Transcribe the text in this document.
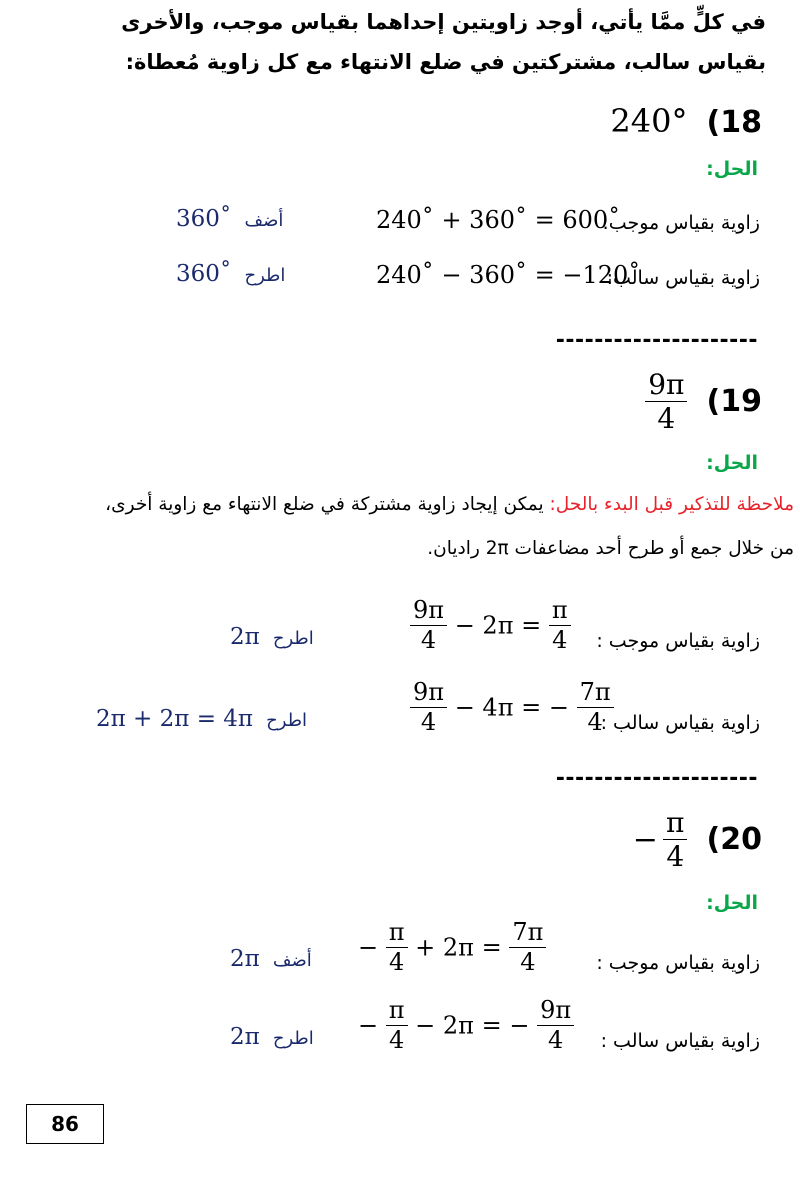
في كلٍّ ممَّا يأتي، أوجد زاويتين إحداهما بقياس موجب، والأخرى
بقياس سالب، مشتركتين في ضلع الانتهاء مع كل زاوية مُعطاة:
240° (18
الحل:
زاوية بقياس موجب:
240˚ + 360˚ = 600˚
360˚ أضف
زاوية بقياس سالب:
240˚ − 360˚ = −120˚
360˚ اطرح
---------------------
$\frac{9\pi}{4} (19$
الحل:
ملاحظة للتذكير قبل البدء بالحل: يمكن إيجاد زاوية مشتركة في ضلع الانتهاء مع زاوية أخرى،
من خلال جمع أو طرح أحد مضاعفات 2π راديان.
زاوية بقياس موجب :
$\frac{9\pi}{4} - 2\pi = \frac{\pi}{4}$
2π اطرح
زاوية بقياس سالب :
$\frac{9\pi}{4} - 4\pi$ = − $\frac{7\pi}{4}$
2π + 2π = 4π اطرح
---------------------
− $\frac{\pi}{4} (20$
الحل:
زاوية بقياس موجب :
− $\frac{\pi}{4} + 2\pi = \frac{7\pi}{4}$
2π أضف
زاوية بقياس سالب :
− $\frac{\pi}{4} - 2\pi$ = − $\frac{9\pi}{4}$
2π اطرح
86
